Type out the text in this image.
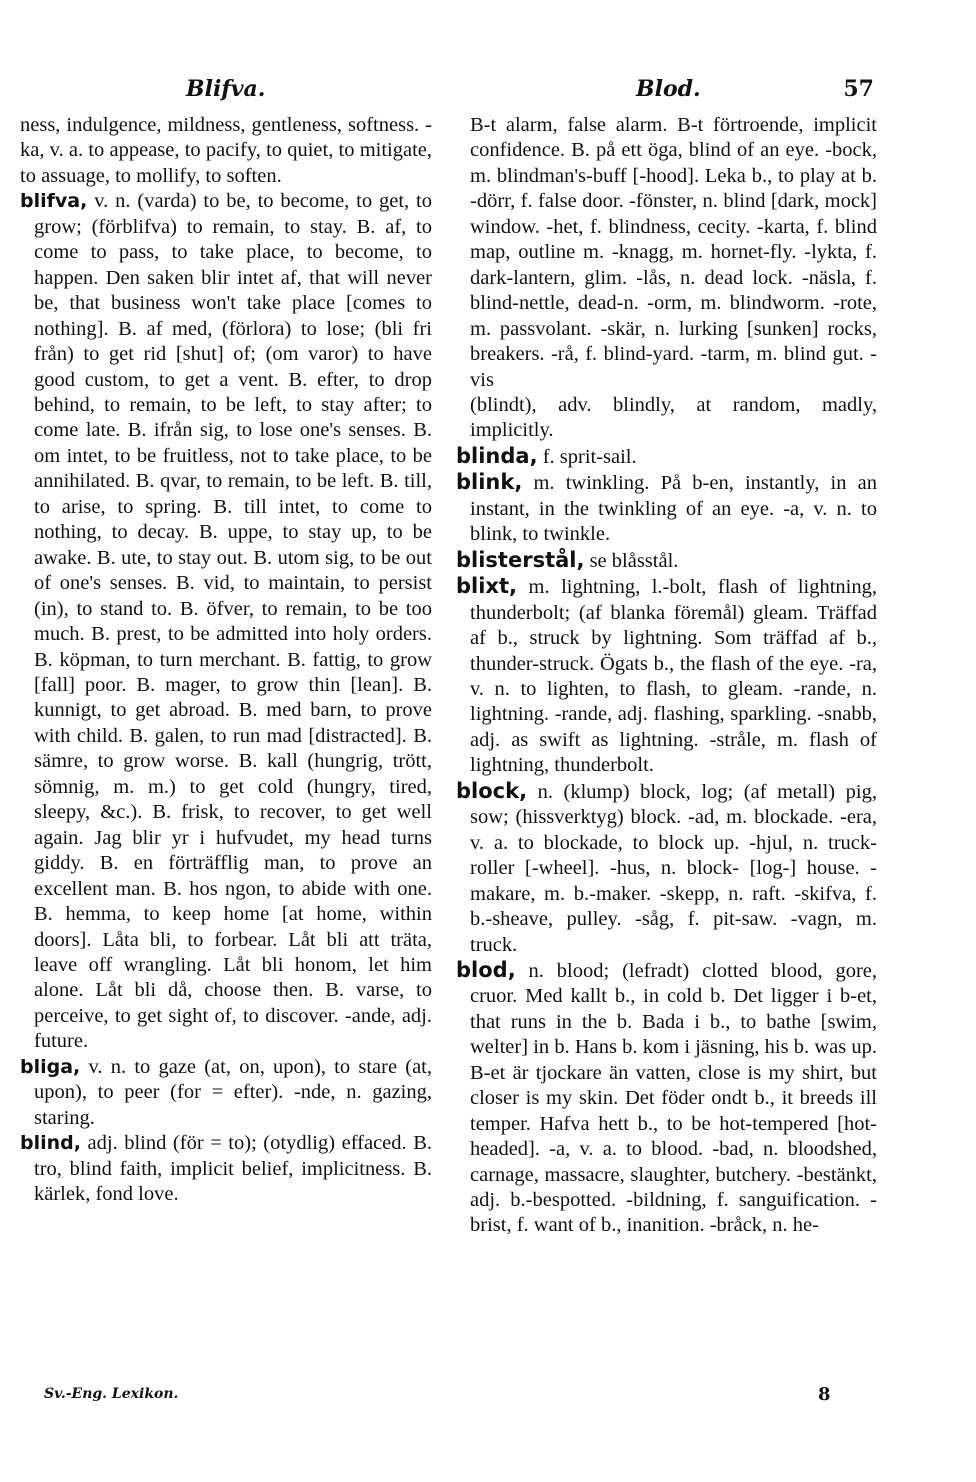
Blifva.	Blod.	57

ness, indulgence, mildness, gentleness, softness. -ka, v. a. to appease, to pacify, to quiet, to mitigate, to assuage, to mollify, to soften.

blifva, v. n. (varda) to be, to become, to get, to grow; (förblifva) to remain, to stay. B. af, to come to pass, to take place, to become, to happen. Den saken blir intet af, that will never be, that business won't take place [comes to nothing]. B. af med, (förlora) to lose; (bli fri från) to get rid [shut] of; (om varor) to have good custom, to get a vent. B. efter, to drop behind, to remain, to be left, to stay after; to come late. B. ifrån sig, to lose one's senses. B. om intet, to be fruitless, not to take place, to be annihilated. B. qvar, to remain, to be left. B. till, to arise, to spring. B. till intet, to come to nothing, to decay. B. uppe, to stay up, to be awake. B. ute, to stay out. B. utom sig, to be out of one's senses. B. vid, to maintain, to persist (in), to stand to. B. öfver, to remain, to be too much. B. prest, to be admitted into holy orders. B. köpman, to turn merchant. B. fattig, to grow [fall] poor. B. mager, to grow thin [lean]. B. kunnigt, to get abroad. B. med barn, to prove with child. B. galen, to run mad [distracted]. B. sämre, to grow worse. B. kall (hungrig, trött, sömnig, m. m.) to get cold (hungry, tired, sleepy, &c.). B. frisk, to recover, to get well again. Jag blir yr i hufvudet, my head turns giddy. B. en förträfflig man, to prove an excellent man. B. hos ngon, to abide with one. B. hemma, to keep home [at home, within doors]. Låta bli, to forbear. Låt bli att träta, leave off wrangling. Låt bli honom, let him alone. Låt bli då, choose then. B. varse, to perceive, to get sight of, to discover. -ande, adj. future.

bliga, v. n. to gaze (at, on, upon), to stare (at, upon), to peer (for = efter). -nde, n. gazing, staring.

blind, adj. blind (för = to); (otydlig) effaced. B. tro, blind faith, implicit belief, implicitness. B. kärlek, fond love.

B-t alarm, false alarm. B-t förtroende, implicit confidence. B. på ett öga, blind of an eye. -bock, m. blindman's-buff [-hood]. Leka b., to play at b. -dörr, f. false door. -fönster, n. blind [dark, mock] window. -het, f. blindness, cecity. -karta, f. blind map, outline m. -knagg, m. hornet-fly. -lykta, f. dark-lantern, glim. -lås, n. dead lock. -näsla, f. blind-nettle, dead-n. -orm, m. blindworm. -rote, m. passvolant. -skär, n. lurking [sunken] rocks, breakers. -rå, f. blind-yard. -tarm, m. blind gut. -vis

(blindt), adv. blindly, at random, madly, implicitly.

blinda, f. sprit-sail.

blink, m. twinkling. På b-en, instantly, in an instant, in the twinkling of an eye. -a, v. n. to blink, to twinkle.

blisterstål, se blåsstål.

blixt, m. lightning, l.-bolt, flash of lightning, thunderbolt; (af blanka föremål) gleam. Träffad af b., struck by lightning. Som träffad af b., thunder-struck. Ögats b., the flash of the eye. -ra, v. n. to lighten, to flash, to gleam. -rande, n. lightning. -rande, adj. flashing, sparkling. -snabb, adj. as swift as lightning. -stråle, m. flash of lightning, thunderbolt.

block, n. (klump) block, log; (af metall) pig, sow; (hissverktyg) block. -ad, m. blockade. -era, v. a. to blockade, to block up. -hjul, n. truck-roller [-wheel]. -hus, n. block- [log-] house. -makare, m. b.-maker. -skepp, n. raft. -skifva, f. b.-sheave, pulley. -såg, f. pit-saw. -vagn, m. truck.

blod, n. blood; (lefradt) clotted blood, gore, cruor. Med kallt b., in cold b. Det ligger i b-et, that runs in the b. Bada i b., to bathe [swim, welter] in b. Hans b. kom i jäsning, his b. was up. B-et är tjockare än vatten, close is my shirt, but closer is my skin. Det föder ondt b., it breeds ill temper. Hafva hett b., to be hot-tempered [hot-headed]. -a, v. a. to blood. -bad, n. bloodshed, carnage, massacre, slaughter, butchery. -bestänkt, adj. b.-bespotted. -bildning, f. sanguification. -brist, f. want of b., inanition. -bråck, n. he-

Sv.-Eng. Lexikon.	8
